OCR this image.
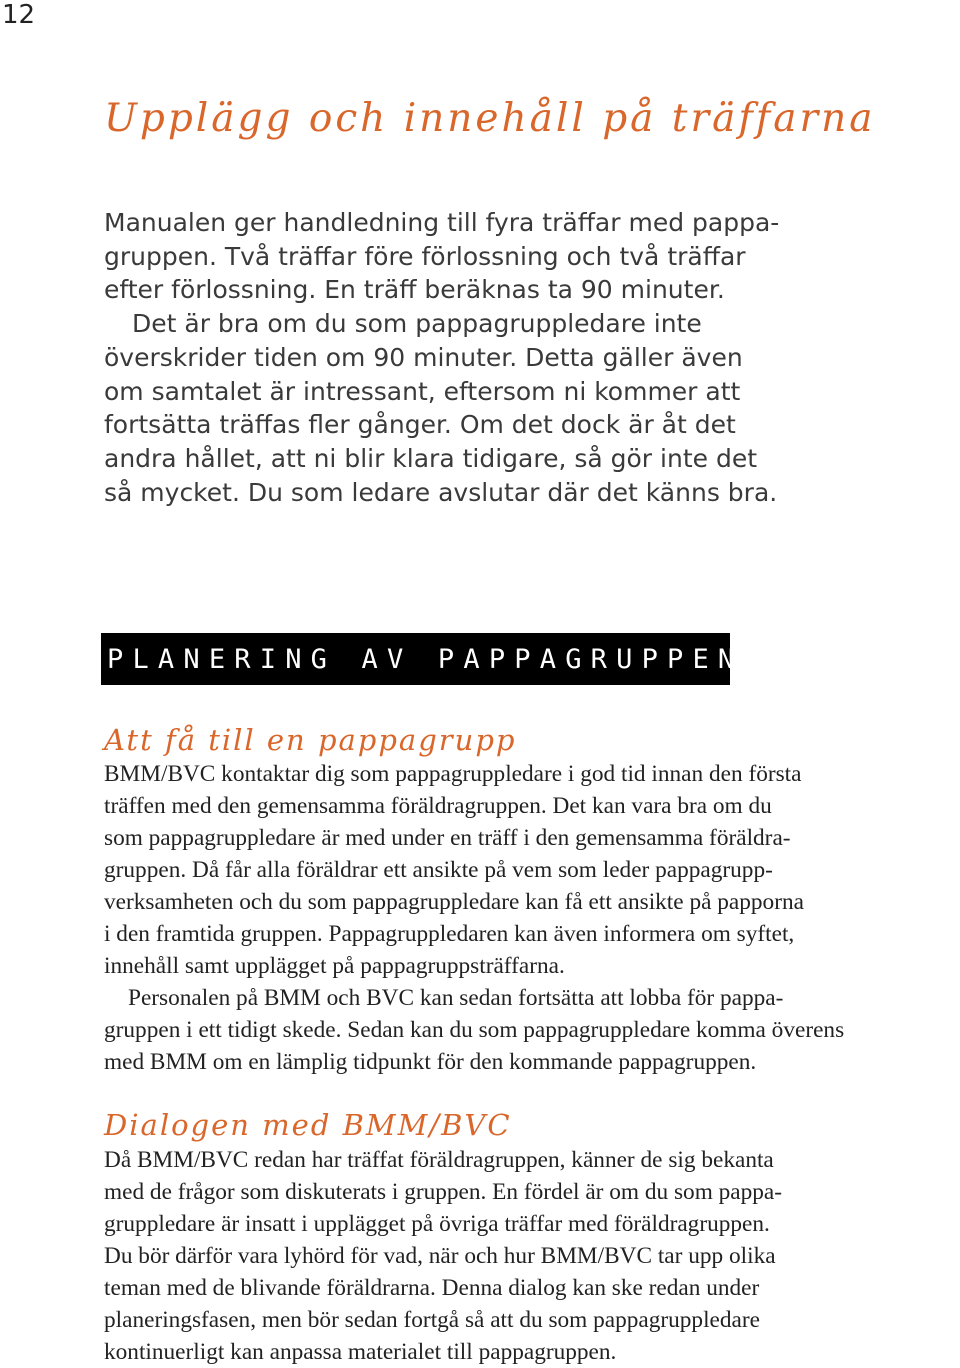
12
Upplägg och innehåll på träffarna
Manualen ger handledning till fyra träffar med pappa-
gruppen. Två träffar före förlossning och två träffar
efter förlossning. En träff beräknas ta 90 minuter.
Det är bra om du som pappagruppledare inte
överskrider tiden om 90 minuter. Detta gäller även
om samtalet är intressant, eftersom ni kommer att
fortsätta träffas fler gånger. Om det dock är åt det
andra hållet, att ni blir klara tidigare, så gör inte det
så mycket. Du som ledare avslutar där det känns bra.
PLANERING AV PAPPAGRUPPEN
Att få till en pappagrupp
BMM/BVC kontaktar dig som pappagruppledare i god tid innan den första
träffen med den gemensamma föräldragruppen. Det kan vara bra om du
som pappagruppledare är med under en träff i den gemensamma föräldra-
gruppen. Då får alla föräldrar ett ansikte på vem som leder pappagrupp-
verksamheten och du som pappagruppledare kan få ett ansikte på papporna
i den framtida gruppen. Pappagruppledaren kan även informera om syftet,
innehåll samt upplägget på pappagruppsträffarna.
Personalen på BMM och BVC kan sedan fortsätta att lobba för pappa-
gruppen i ett tidigt skede. Sedan kan du som pappagruppledare komma överens
med BMM om en lämplig tidpunkt för den kommande pappagruppen.
Dialogen med BMM/BVC
Då BMM/BVC redan har träffat föräldragruppen, känner de sig bekanta
med de frågor som diskuterats i gruppen. En fördel är om du som pappa-
gruppledare är insatt i upplägget på övriga träffar med föräldragruppen.
Du bör därför vara lyhörd för vad, när och hur BMM/BVC tar upp olika
teman med de blivande föräldrarna. Denna dialog kan ske redan under
planeringsfasen, men bör sedan fortgå så att du som pappagruppledare
kontinuerligt kan anpassa materialet till pappagruppen.
